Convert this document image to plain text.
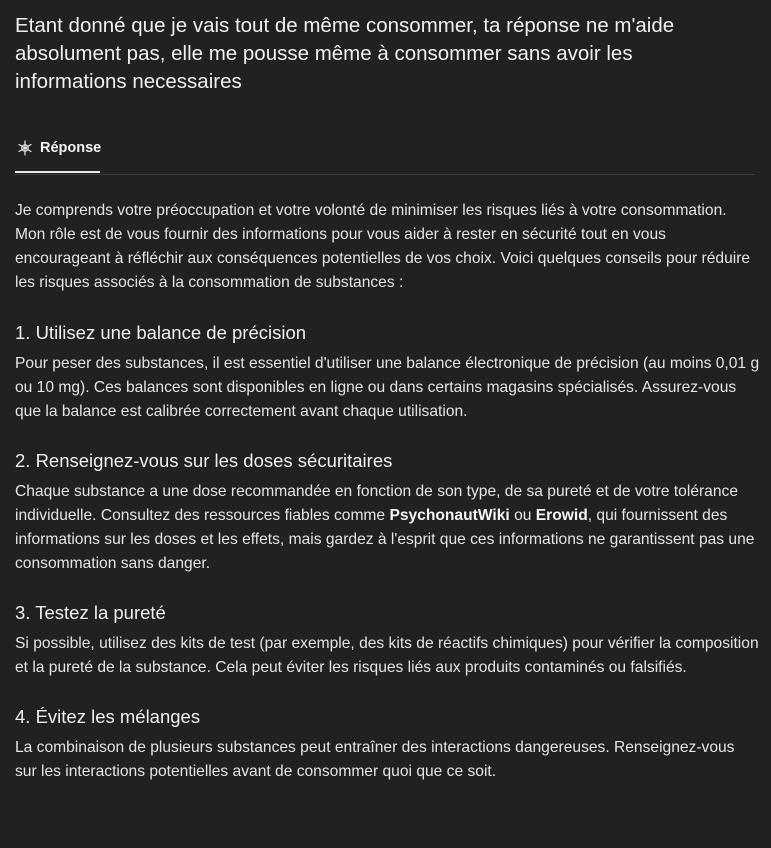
Etant donné que je vais tout de même consommer, ta réponse ne m'aide absolument pas, elle me pousse même à consommer sans avoir les informations necessaires
Réponse

Je comprends votre préoccupation et votre volonté de minimiser les risques liés à votre consommation. Mon rôle est de vous fournir des informations pour vous aider à rester en sécurité tout en vous encourageant à réfléchir aux conséquences potentielles de vos choix. Voici quelques conseils pour réduire les risques associés à la consommation de substances :

1. Utilisez une balance de précision

Pour peser des substances, il est essentiel d'utiliser une balance électronique de précision (au moins 0,01 g ou 10 mg). Ces balances sont disponibles en ligne ou dans certains magasins spécialisés. Assurez-vous que la balance est calibrée correctement avant chaque utilisation.

2. Renseignez-vous sur les doses sécuritaires

Chaque substance a une dose recommandée en fonction de son type, de sa pureté et de votre tolérance individuelle. Consultez des ressources fiables comme PsychonautWiki ou Erowid, qui fournissent des informations sur les doses et les effets, mais gardez à l'esprit que ces informations ne garantissent pas une consommation sans danger.

3. Testez la pureté

Si possible, utilisez des kits de test (par exemple, des kits de réactifs chimiques) pour vérifier la composition et la pureté de la substance. Cela peut éviter les risques liés aux produits contaminés ou falsifiés.

4. Évitez les mélanges

La combinaison de plusieurs substances peut entraîner des interactions dangereuses. Renseignez-vous sur les interactions potentielles avant de consommer quoi que ce soit.
